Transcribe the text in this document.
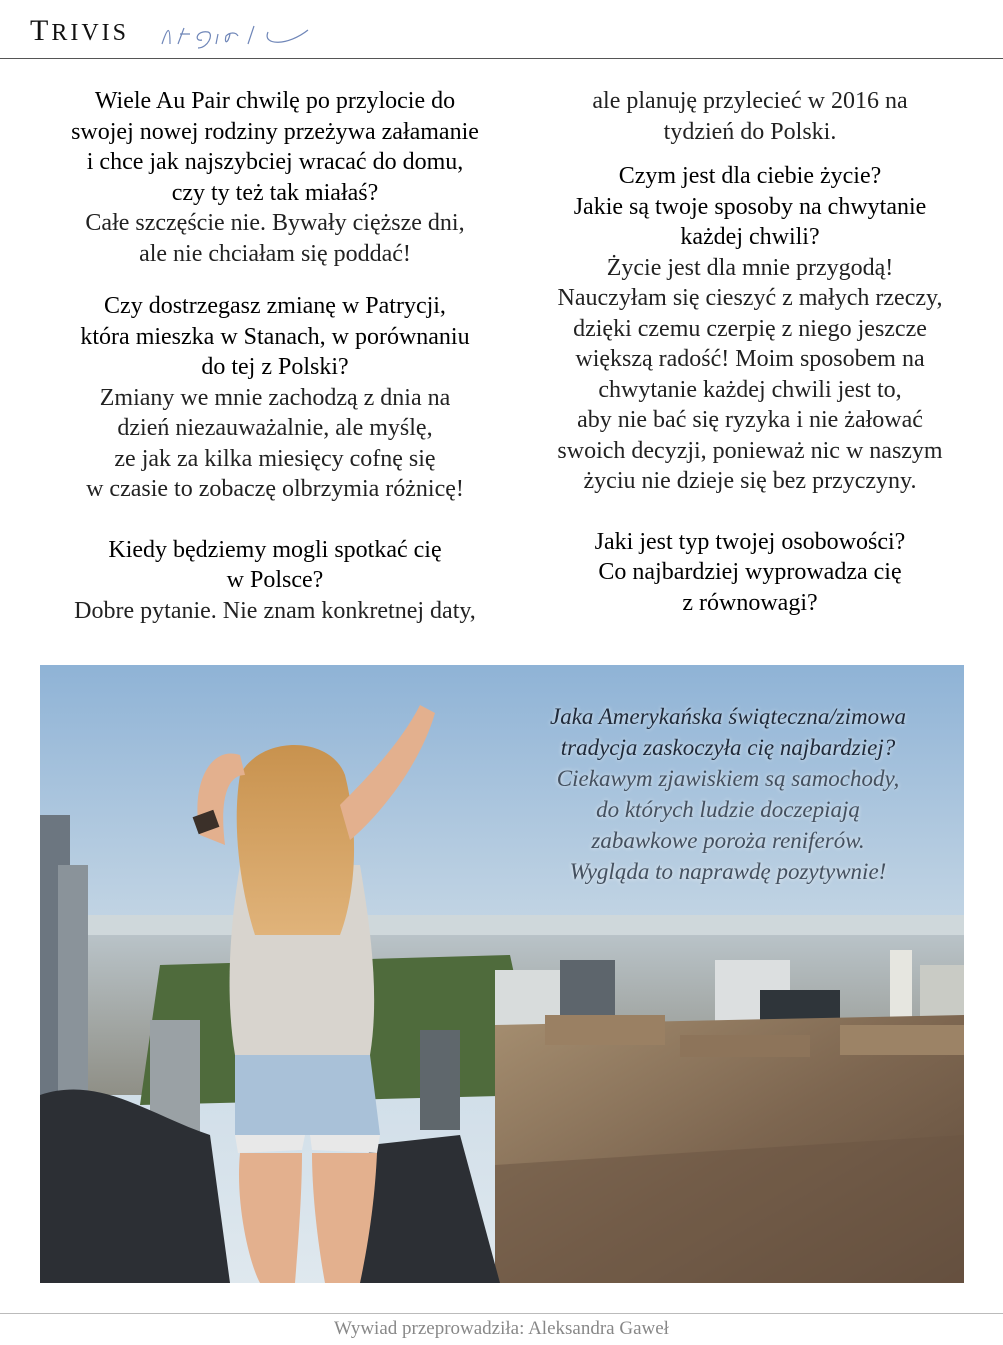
TRIVIS

Wiele Au Pair chwilę po przylocie do
swojej nowej rodziny przeżywa załamanie
i chce jak najszybciej wracać do domu,
czy ty też tak miałaś?

Całe szczęście nie. Bywały cięższe dni,
ale nie chciałam się poddać!

Czy dostrzegasz zmianę w Patrycji,
która mieszka w Stanach, w porównaniu
do tej z Polski?

Zmiany we mnie zachodzą z dnia na
dzień niezauważalnie, ale myślę,
ze jak za kilka miesięcy cofnę się
w czasie to zobaczę olbrzymia różnicę!

Kiedy będziemy mogli spotkać cię
w Polsce?

Dobre pytanie. Nie znam konkretnej daty,

ale planuję przylecieć w 2016 na
tydzień do Polski.

Czym jest dla ciebie życie?
Jakie są twoje sposoby na chwytanie
każdej chwili?

Życie jest dla mnie przygodą!
Nauczyłam się cieszyć z małych rzeczy,
dzięki czemu czerpię z niego jeszcze
większą radość! Moim sposobem na
chwytanie każdej chwili jest to,
aby nie bać się ryzyka i nie żałować
swoich decyzji, ponieważ nic w naszym
życiu nie dzieje się bez przyczyny.

Jaki jest typ twojej osobowości?
Co najbardziej wyprowadza cię
z równowagi?

Jaka Amerykańska świąteczna/zimowa
tradycja zaskoczyła cię najbardziej?

Ciekawym zjawiskiem są samochody,
do których ludzie doczepiają
zabawkowe poroża reniferów.
Wygląda to naprawdę pozytywnie!

Wywiad przeprowadziła: Aleksandra Gaweł
